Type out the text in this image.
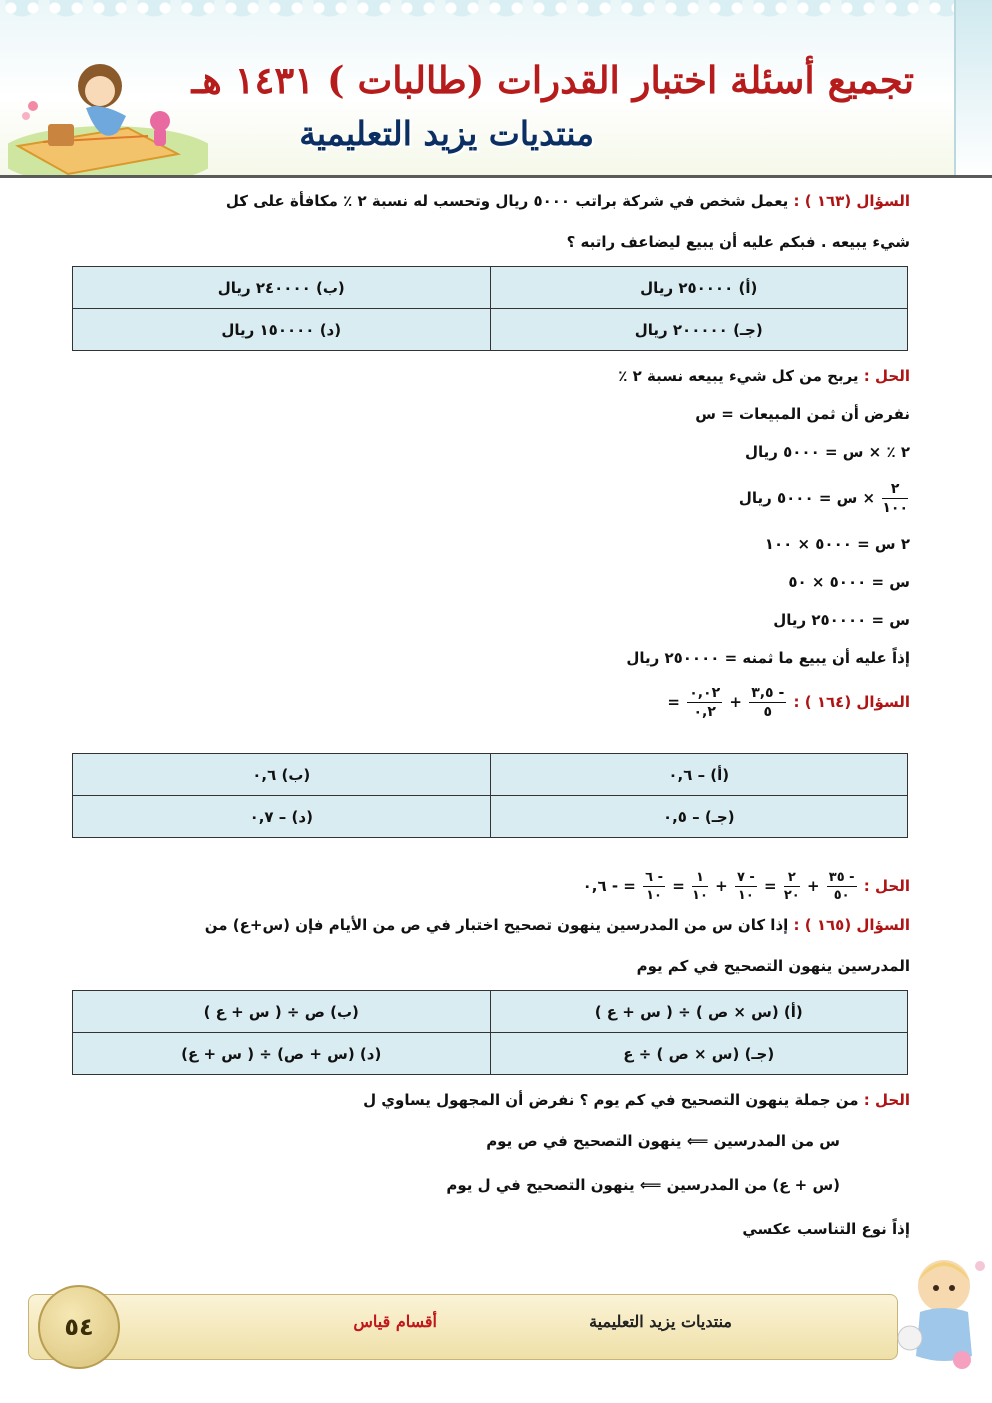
تجميع أسئلة اختبار القدرات (طالبات ) ١٤٣١ هـ
منتديات يزيد التعليمية
السؤال (١٦٣ ) : يعمل شخص في شركة براتب ٥٠٠٠ ريال وتحسب له نسبة ٢ ٪ مكافأة على كل
شيء يبيعه . فبكم عليه أن يبيع ليضاعف راتبه ؟
(أ) ٢٥٠٠٠٠ ريال	(ب) ٢٤٠٠٠٠ ريال
(جـ) ٢٠٠٠٠٠ ريال	(د) ١٥٠٠٠٠ ريال
الحل : يربح من كل شيء يبيعه نسبة ٢ ٪
نفرض أن ثمن المبيعات = س
٢ ٪ × س = ٥٠٠٠ ريال
$\frac{٢}{١٠٠}$
× س = ٥٠٠٠ ريال
٢ س = ٥٠٠٠ × ١٠٠
س = ٥٠٠٠ × ٥٠
س = ٢٥٠٠٠٠ ريال
إذاً عليه أن يبيع ما ثمنه = ٢٥٠٠٠٠ ريال
السؤال (١٦٤ ) :
$\frac{- ٣,٥}{٥}$
+
$\frac{٠,٠٢}{٠,٢}$
=
(أ) – ٠,٦	(ب) ٠,٦
(جـ) – ٠,٥	(د) – ٠,٧
الحل :
$\frac{- ٣٥}{٥٠}$
+
$\frac{٢}{٢٠}$
=
$\frac{- ٧}{١٠}$
+
$\frac{١}{١٠}$
=
$\frac{- ٦}{١٠}$
= - ٠,٦
السؤال (١٦٥ ) : إذا كان س من المدرسين ينهون تصحيح اختبار في ص من الأيام فإن (س+ع) من
المدرسين ينهون التصحيح في كم يوم
(أ) (س × ص ) ÷ ( س + ع )	(ب) ص ÷ ( س + ع )
(جـ) (س × ص ) ÷ ع	(د) (س + ص) ÷ ( س + ع)
الحل : من جملة ينهون التصحيح في كم يوم ؟ نفرض أن المجهول يساوي ل
س من المدرسين ⟸ ينهون التصحيح في ص يوم
(س + ع) من المدرسين ⟸ ينهون التصحيح في ل يوم
إذاً نوع التناسب عكسي
٥٤	منتديات يزيد التعليمية
أقسام قياس
